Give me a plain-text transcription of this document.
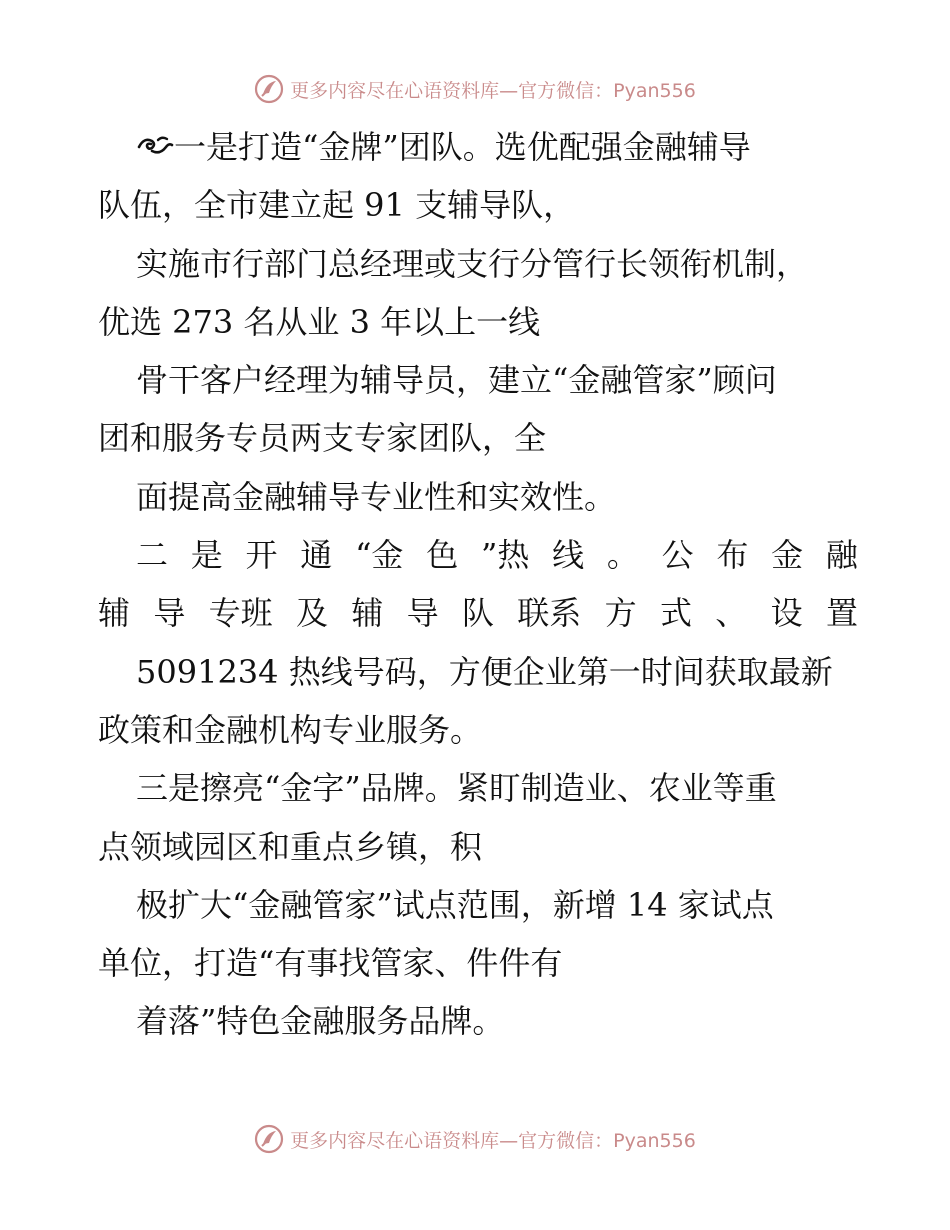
更多内容尽在心语资料库—官方微信：Pyan556
一是打造“金牌”团队。选优配强金融辅导
队伍，全市建立起 91 支辅导队，
实施市行部门总经理或支行分管行长领衔机制，
优选 273 名从业 3 年以上一线
骨干客户经理为辅导员，建立“金融管家”顾问
团和服务专员两支专家团队，全
面提高金融辅导专业性和实效性。
二 是 开 通 “金 色 ”热 线 。 公 布 金 融
辅 导 专班 及 辅 导 队 联系 方 式 、 设 置
5091234 热线号码，方便企业第一时间获取最新
政策和金融机构专业服务。
三是擦亮“金字”品牌。紧盯制造业、农业等重
点领域园区和重点乡镇，积
极扩大“金融管家”试点范围，新增 14 家试点
单位，打造“有事找管家、件件有
着落”特色金融服务品牌。
更多内容尽在心语资料库—官方微信：Pyan556
